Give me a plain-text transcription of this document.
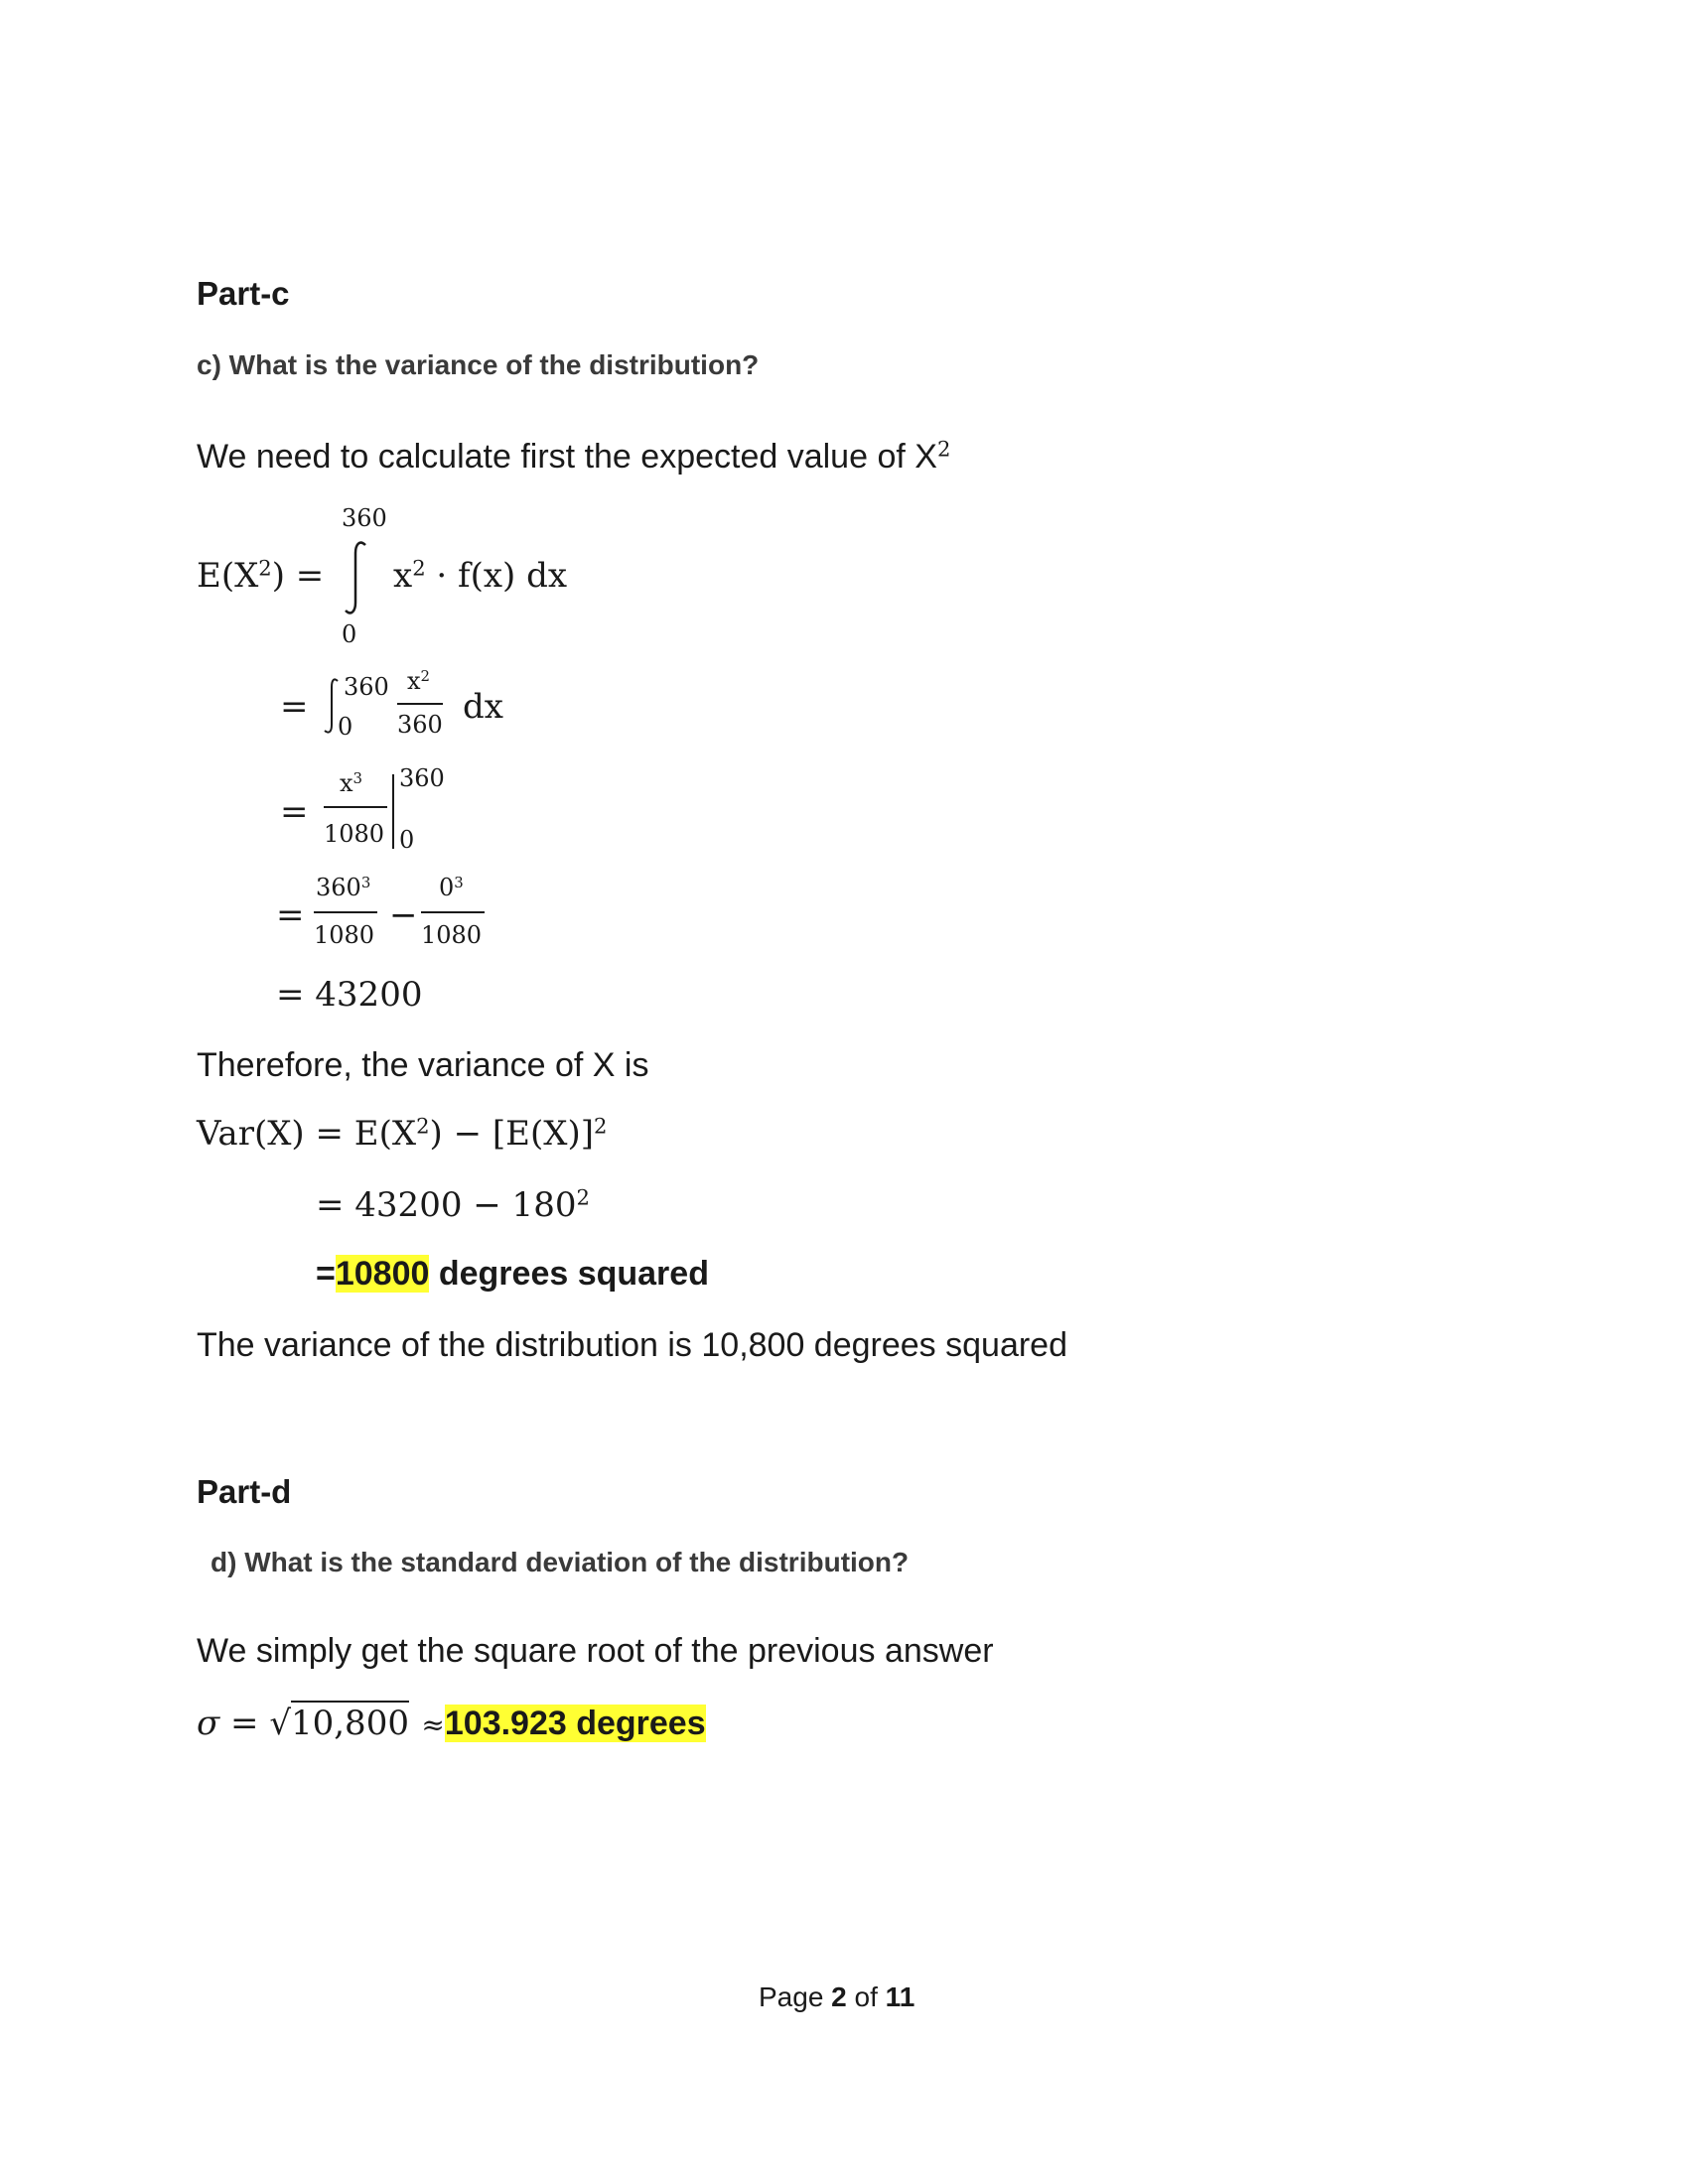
Part-c
c) What is the variance of the distribution?
We need to calculate first the expected value of $X^2$
360
$E(X^2) = x^2 \cdot f(x)$ dx
0
= 360
0
$x^2$
360 dx
=
$x^3$
1080
360
0
=
$360^3$
1080 −
$0^3$
1080
= 43200
Therefore, the variance of X is
$Var(X) = E(X^2) - [E(X)]^2$
= $43200 - 180^2$
=10800 degrees squared
The variance of the distribution is 10,800 degrees squared
Part-d
d) What is the standard deviation of the distribution?
We simply get the square root of the previous answer
σ = √10,800 ≈103.923 degrees
Page 2 of 11
